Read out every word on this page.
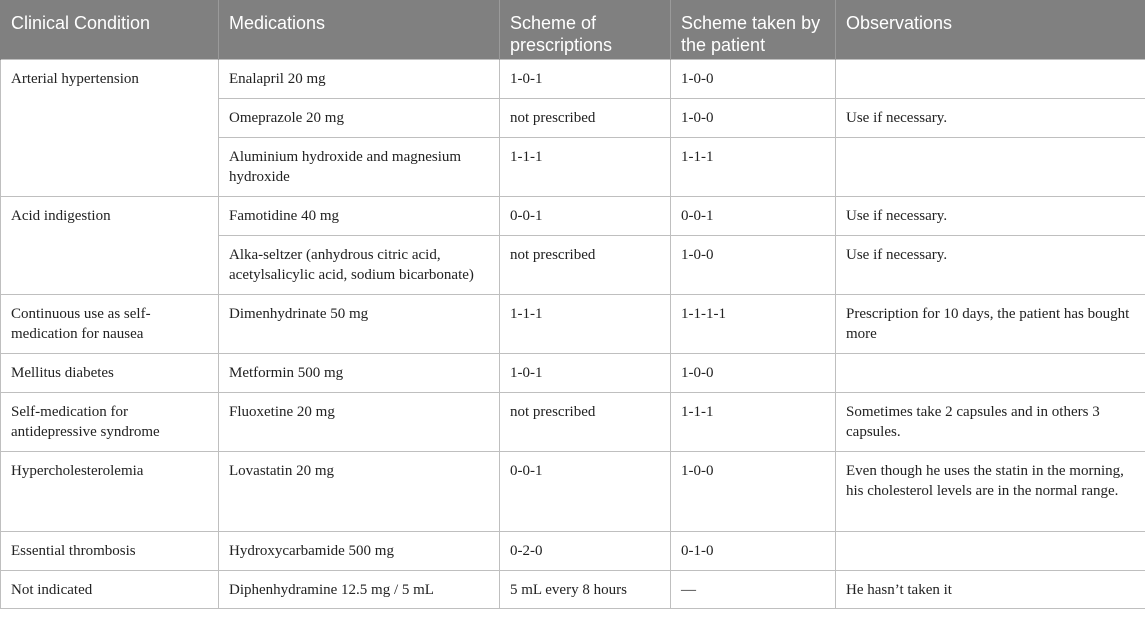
Clinical Condition	Medications	Scheme of prescriptions	Scheme taken by the patient	Observations
Arterial hypertension	Enalapril 20 mg	1-0-1	1-0-0	
	Omeprazole 20 mg	not prescribed	1-0-0	Use if necessary.
	Aluminium hydroxide and magnesium hydroxide	1-1-1	1-1-1	
Acid indigestion	Famotidine 40 mg	0-0-1	0-0-1	Use if necessary.
	Alka-seltzer (anhydrous citric acid, acetylsalicylic acid, sodium bicarbonate)	not prescribed	1-0-0	Use if necessary.
Continuous use as self-medication for nausea	Dimenhydrinate 50 mg	1-1-1	1-1-1-1	Prescription for 10 days, the patient has bought more
Mellitus diabetes	Metformin 500 mg	1-0-1	1-0-0	
Self-medication for antidepressive syndrome	Fluoxetine 20 mg	not prescribed	1-1-1	Sometimes take 2 capsules and in others 3 capsules.
Hypercholesterolemia	Lovastatin 20 mg	0-0-1	1-0-0	Even though he uses the statin in the morning, his cholesterol levels are in the normal range.
Essential thrombosis	Hydroxycarbamide 500 mg	0-2-0	0-1-0	
Not indicated	Diphenhydramine 12.5 mg / 5 mL	5 mL every 8 hours	—	He hasn’t taken it
